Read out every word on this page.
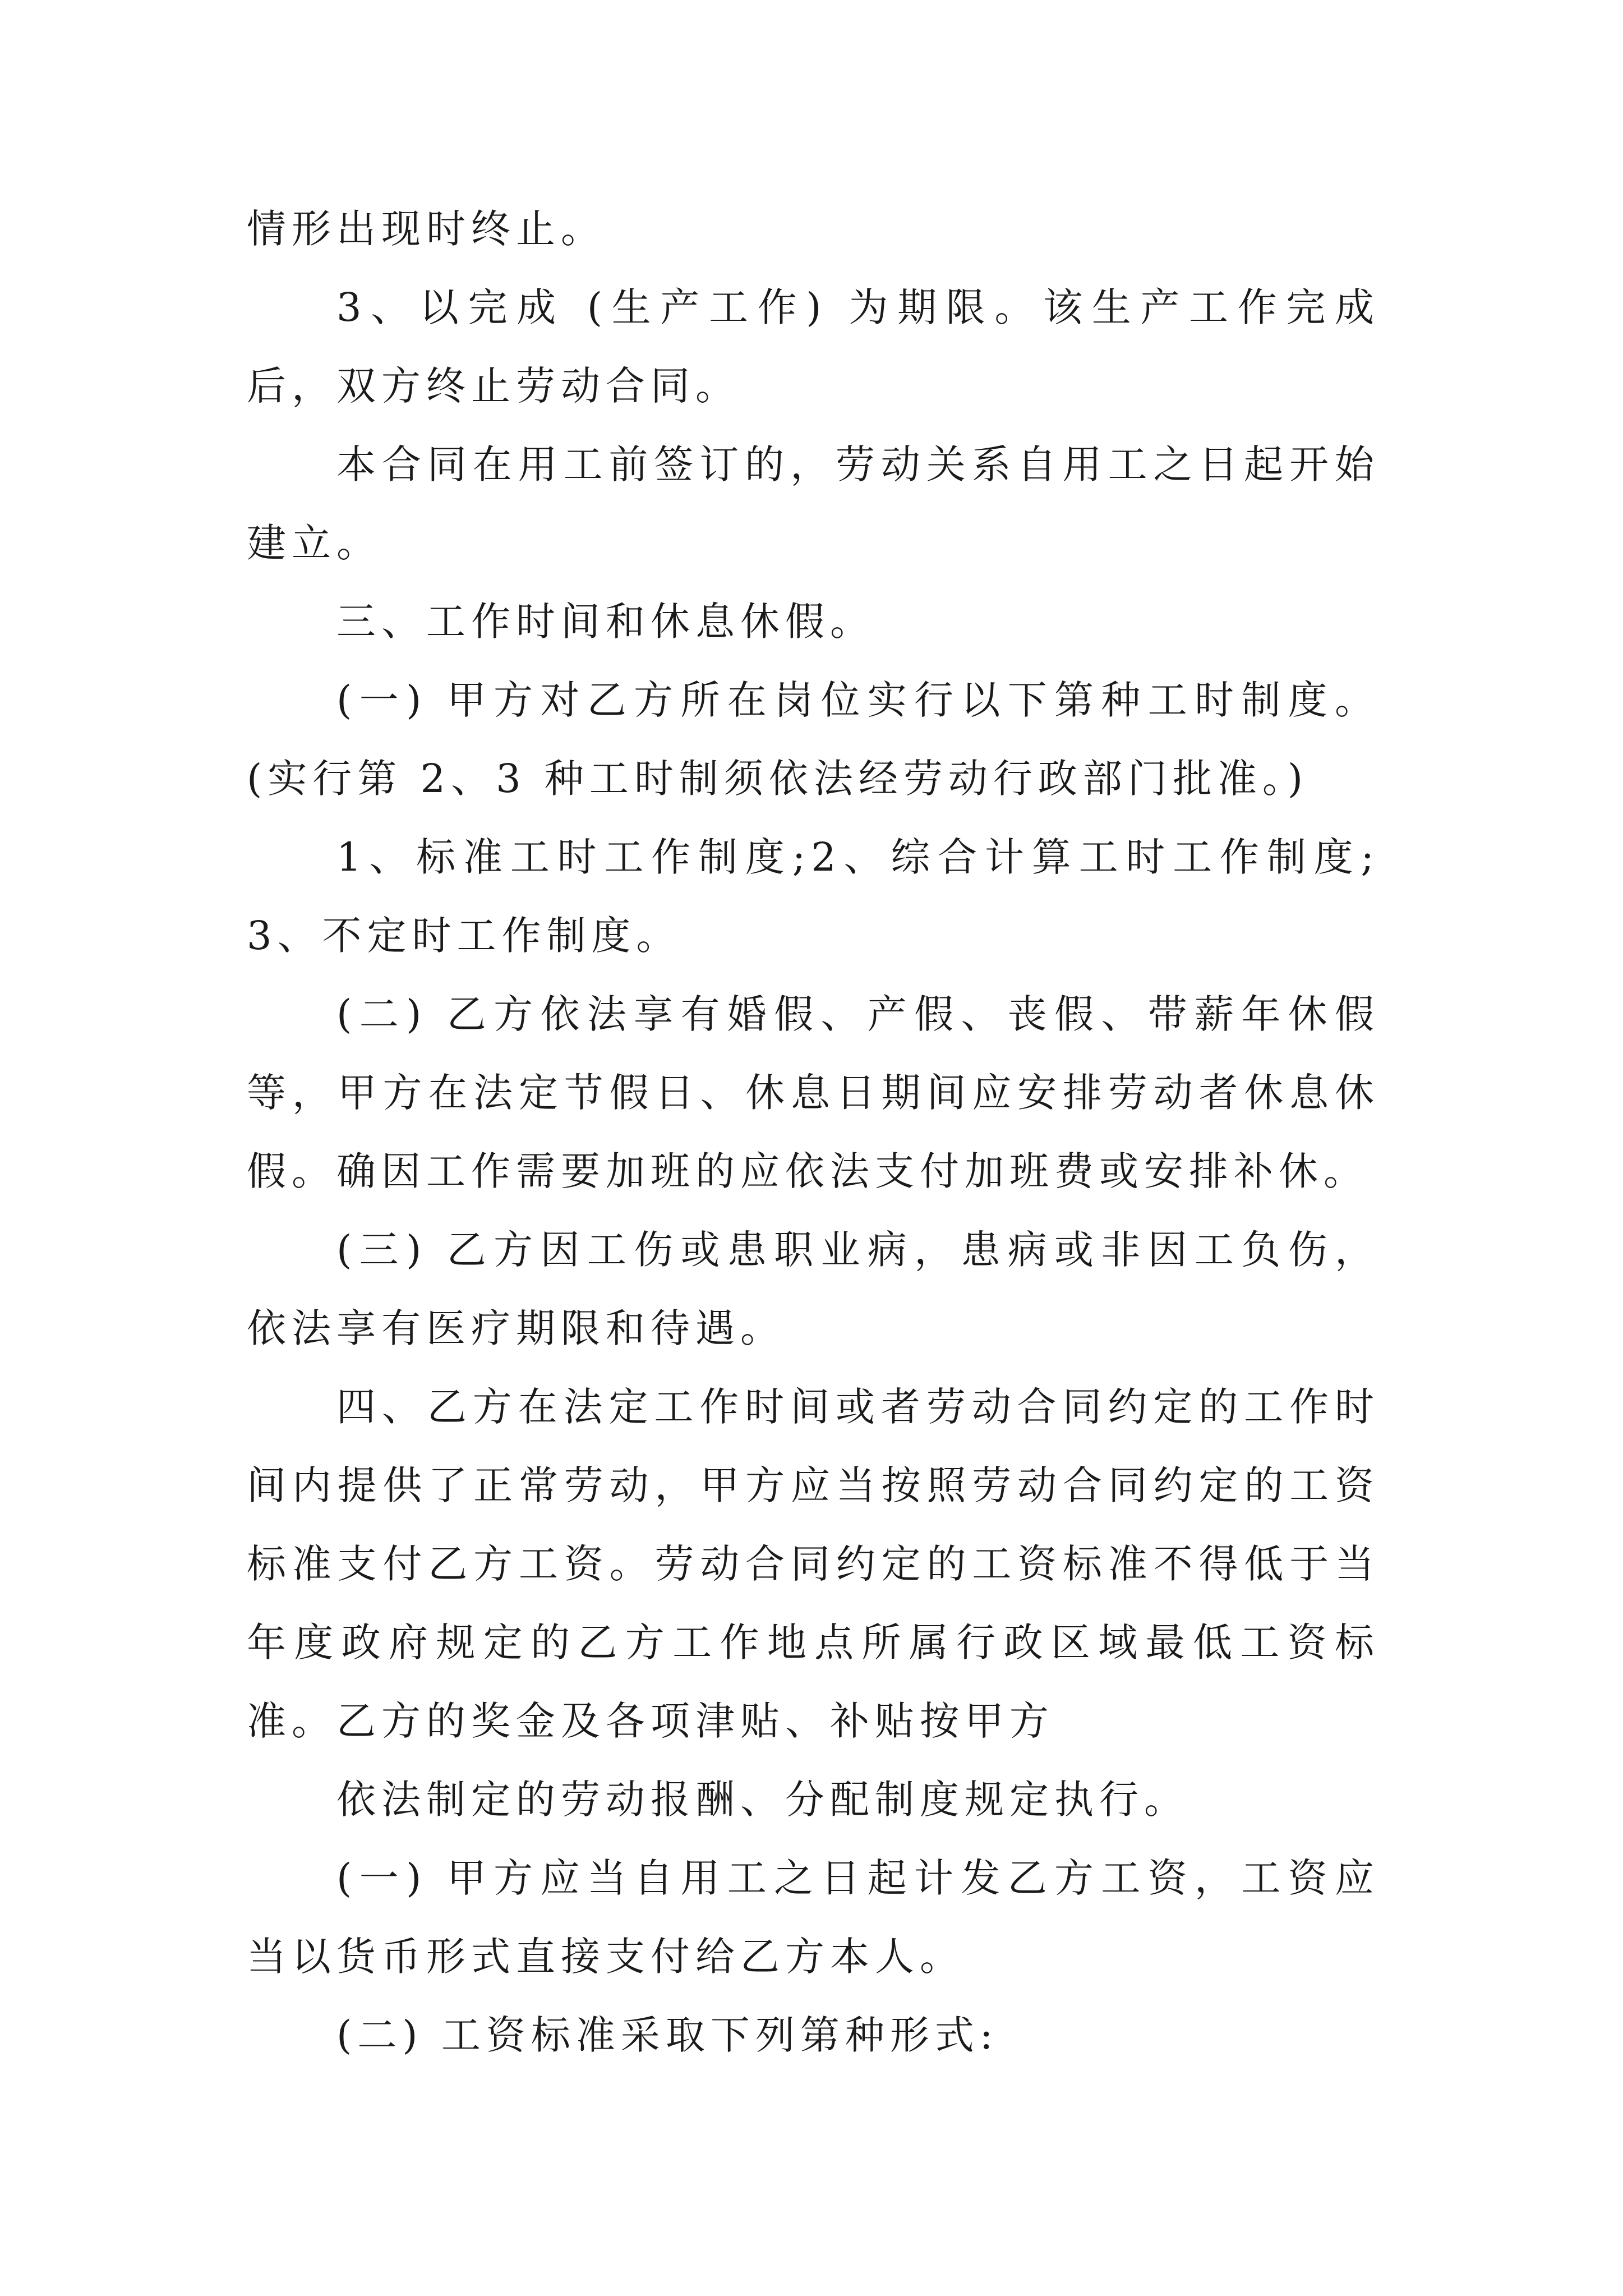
情形出现时终止。

3、以完成 (生产工作) 为期限。该生产工作完成后，双方终止劳动合同。

本合同在用工前签订的，劳动关系自用工之日起开始建立。

三、工作时间和休息休假。

(一) 甲方对乙方所在岗位实行以下第种工时制度。(实行第 2、3 种工时制须依法经劳动行政部门批准。)

1、标准工时工作制度;2、综合计算工时工作制度;3、不定时工作制度。

(二) 乙方依法享有婚假、产假、丧假、带薪年休假等，甲方在法定节假日、休息日期间应安排劳动者休息休假。确因工作需要加班的应依法支付加班费或安排补休。

(三) 乙方因工伤或患职业病，患病或非因工负伤，依法享有医疗期限和待遇。

四、乙方在法定工作时间或者劳动合同约定的工作时间内提供了正常劳动，甲方应当按照劳动合同约定的工资标准支付乙方工资。劳动合同约定的工资标准不得低于当年度政府规定的乙方工作地点所属行政区域最低工资标准。乙方的奖金及各项津贴、补贴按甲方

依法制定的劳动报酬、分配制度规定执行。

(一) 甲方应当自用工之日起计发乙方工资，工资应当以货币形式直接支付给乙方本人。

(二) 工资标准采取下列第种形式:
